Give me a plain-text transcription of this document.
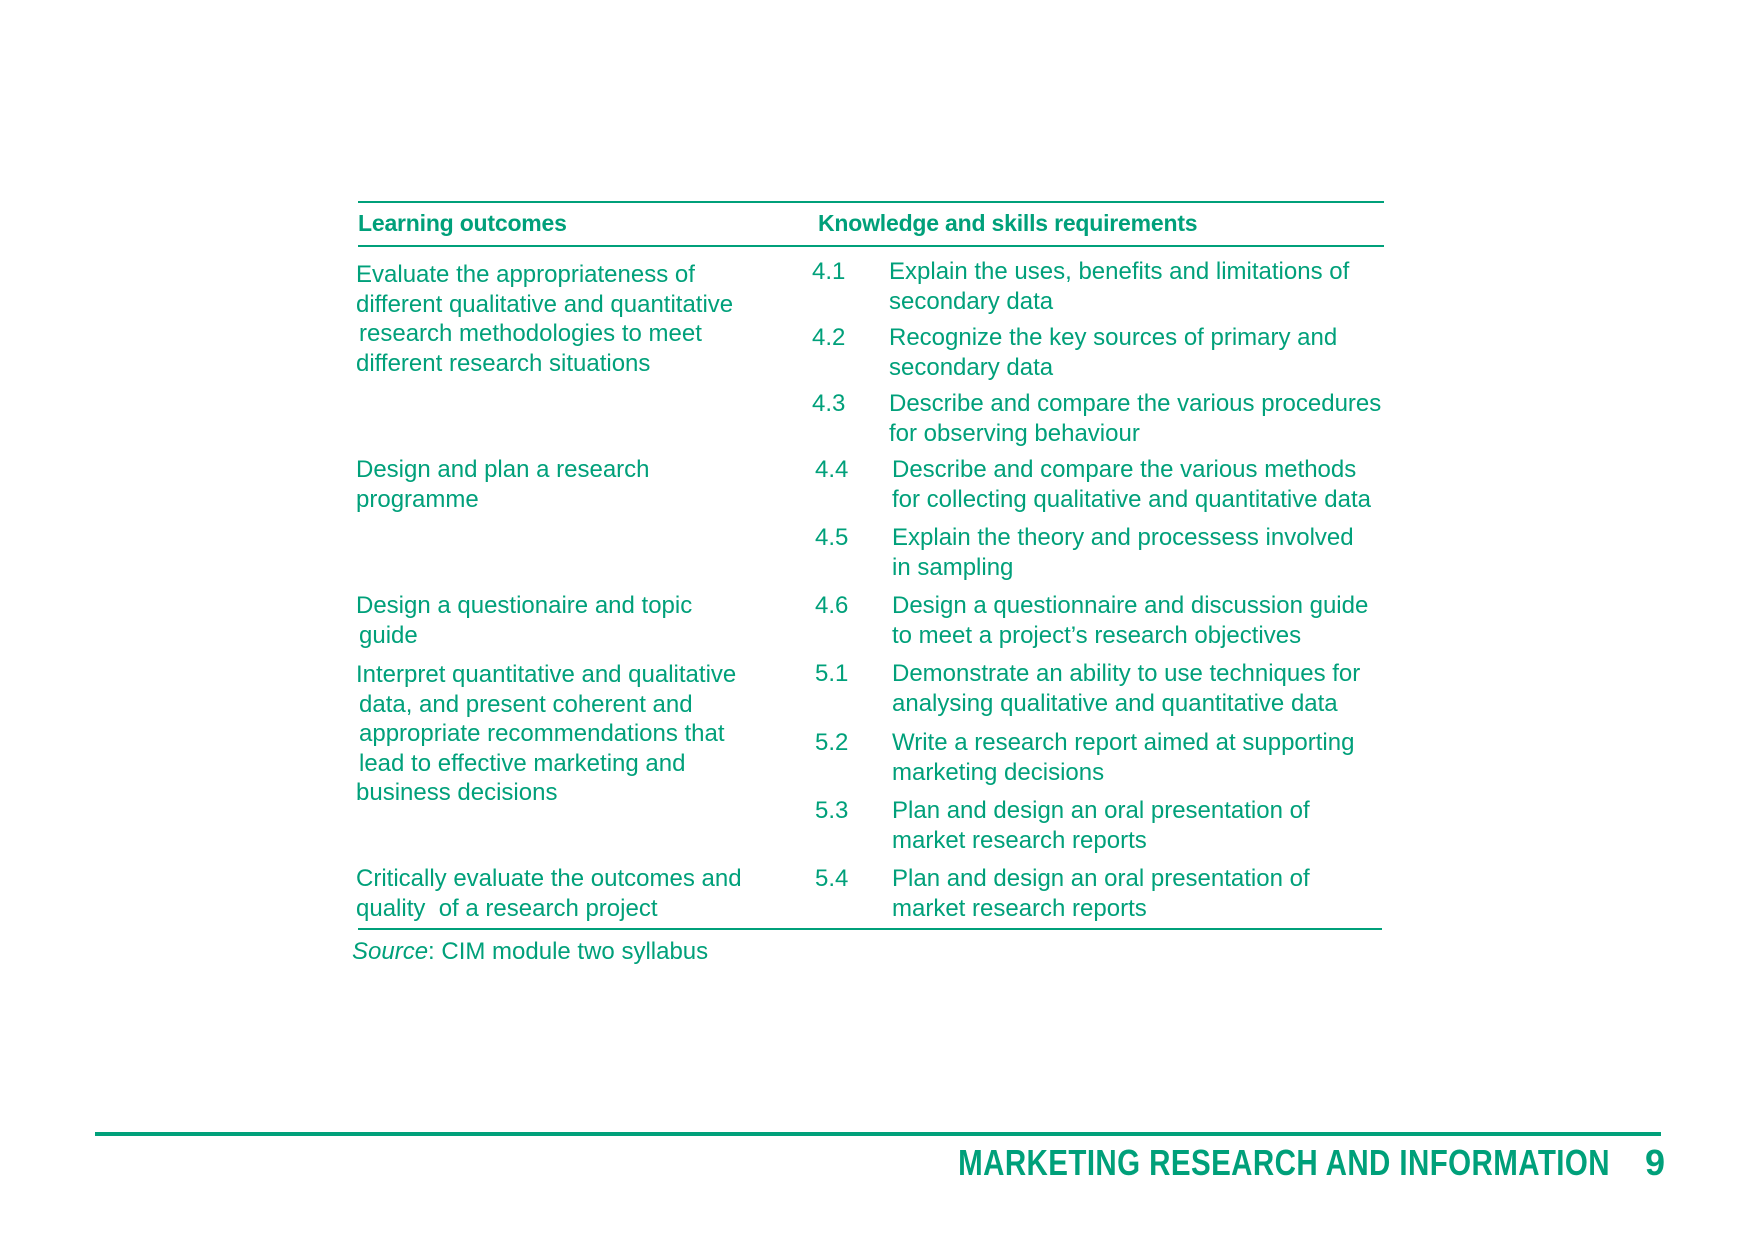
Learning outcomes	Knowledge and skills requirements
Evaluate the appropriateness of
different qualitative and quantitative
research methodologies to meet
different research situations
Design and plan a research
programme
Design a questionaire and topic
guide
Interpret quantitative and qualitative
data, and present coherent and
appropriate recommendations that
lead to effective marketing and
business decisions
Critically evaluate the outcomes and
quality  of a research project
4.1 Explain the uses, benefits and limitations of
secondary data
4.2 Recognize the key sources of primary and
secondary data
4.3 Describe and compare the various procedures
for observing behaviour
4.4 Describe and compare the various methods
for collecting qualitative and quantitative data
4.5 Explain the theory and processess involved
in sampling
4.6 Design a questionnaire and discussion guide
to meet a project’s research objectives
5.1 Demonstrate an ability to use techniques for
analysing qualitative and quantitative data
5.2 Write a research report aimed at supporting
marketing decisions
5.3 Plan and design an oral presentation of
market research reports
5.4 Plan and design an oral presentation of
market research reports
Source: CIM module two syllabus
MARKETING RESEARCH AND INFORMATION 9
